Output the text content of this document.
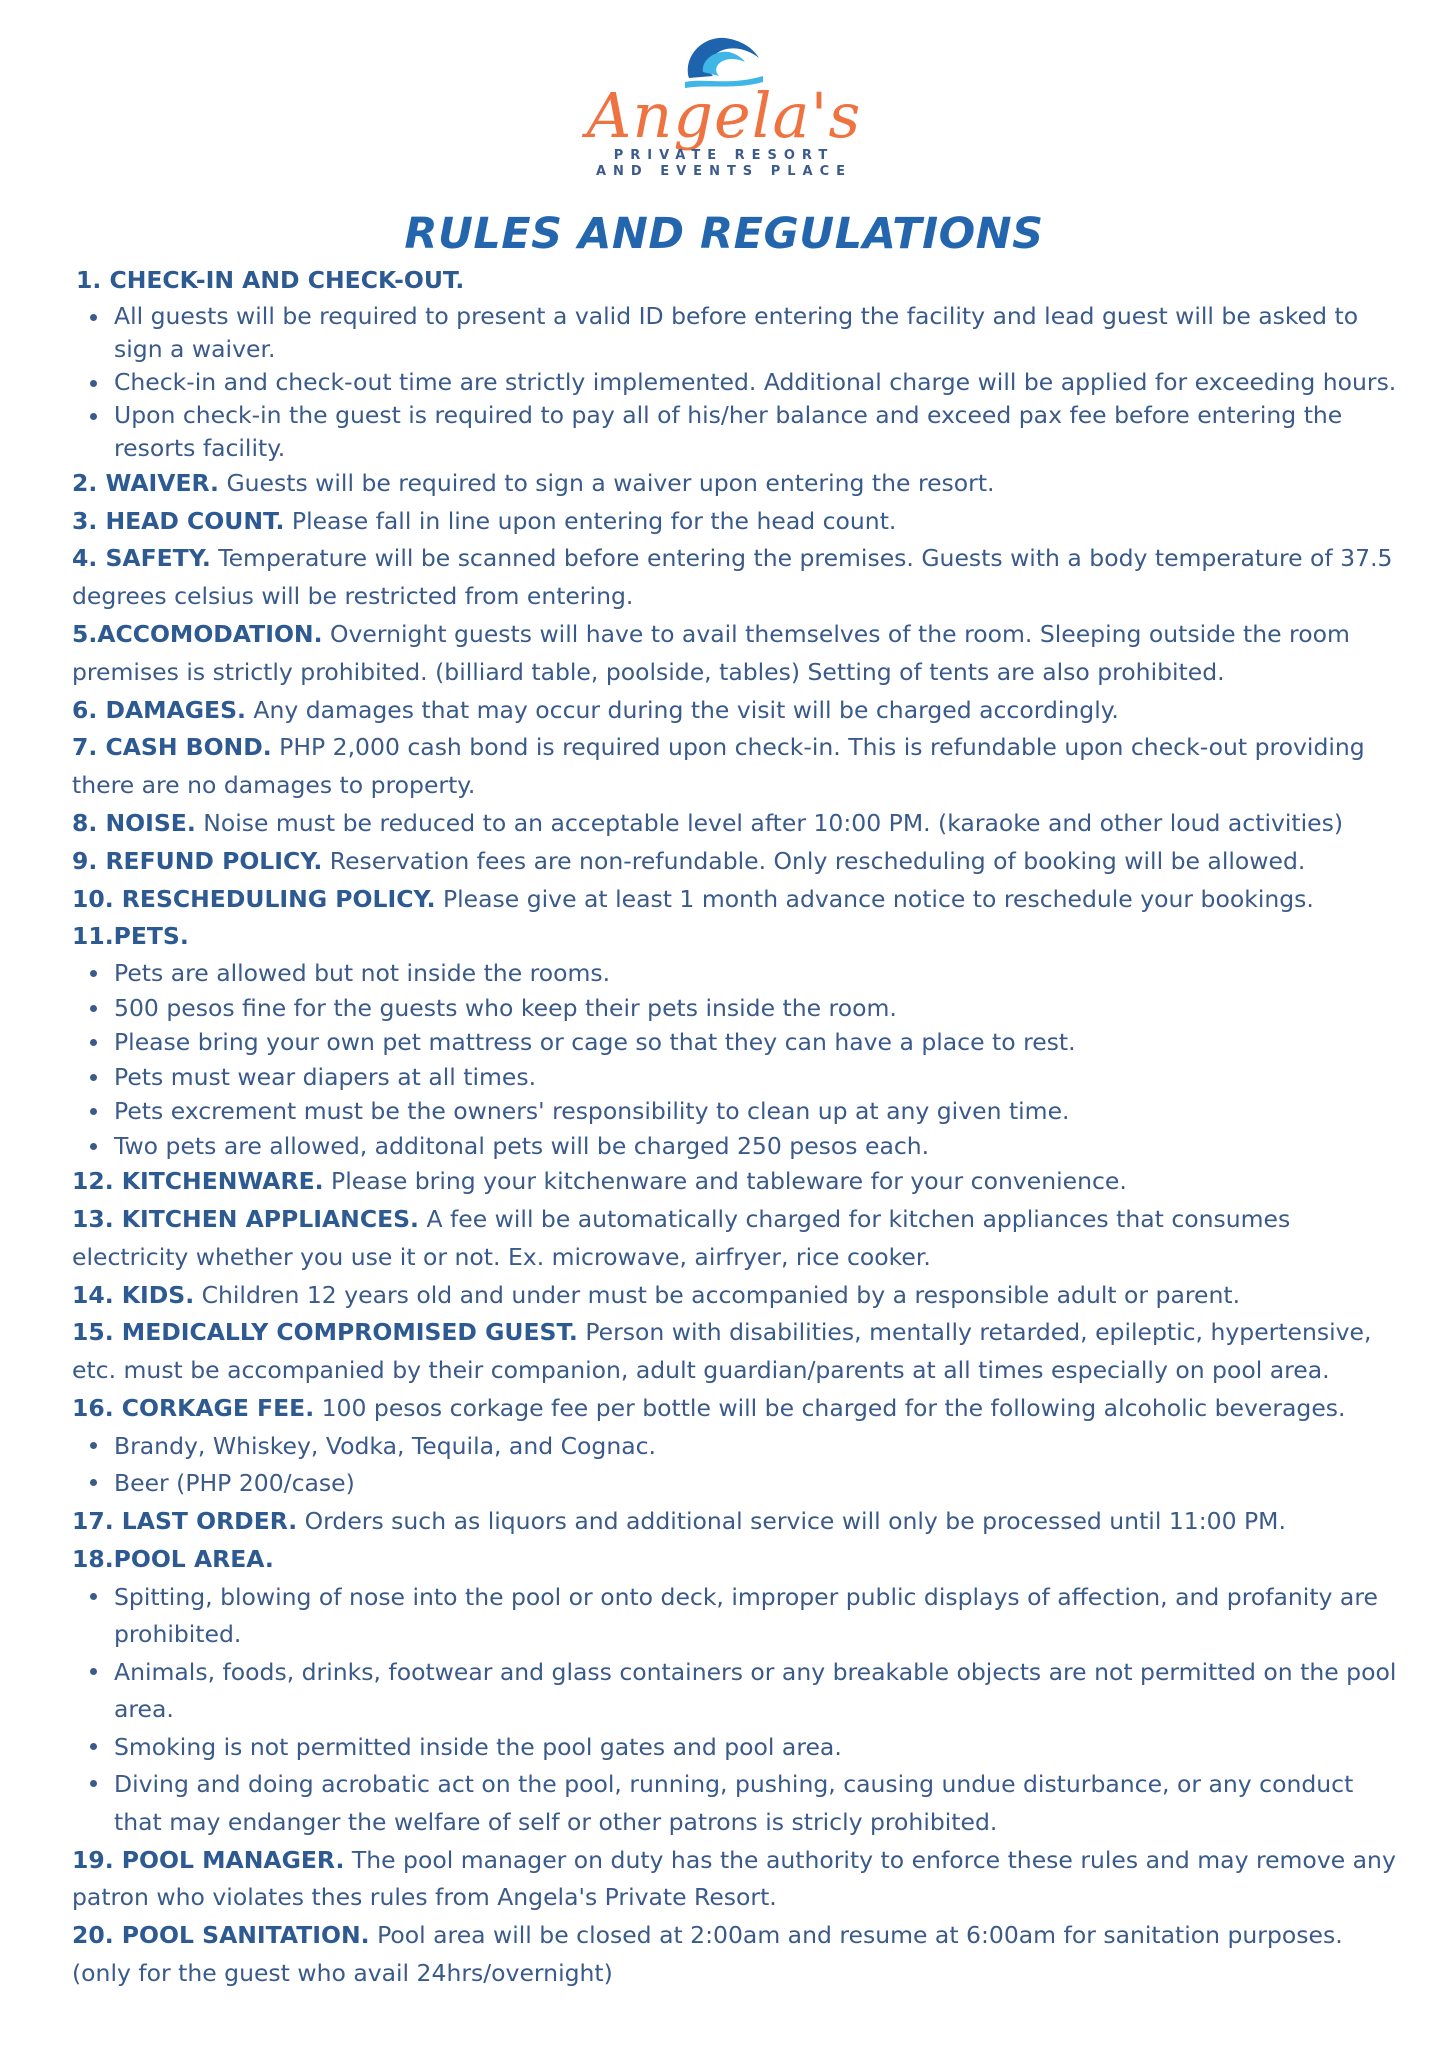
Angela's
PRIVATE RESORT
AND EVENTS PLACE
RULES AND REGULATIONS

1. CHECK-IN AND CHECK-OUT.

All guests will be required to present a valid ID before entering the facility and lead guest will be asked to sign a waiver.
Check-in and check-out time are strictly implemented. Additional charge will be applied for exceeding hours.
Upon check-in the guest is required to pay all of his/her balance and exceed pax fee before entering the resorts facility.

2. WAIVER. Guests will be required to sign a waiver upon entering the resort.

3. HEAD COUNT. Please fall in line upon entering for the head count.

4. SAFETY. Temperature will be scanned before entering the premises. Guests with a body temperature of 37.5 degrees celsius will be restricted from entering.

5.ACCOMODATION. Overnight guests will have to avail themselves of the room. Sleeping outside the room premises is strictly prohibited. (billiard table, poolside, tables) Setting of tents are also prohibited.

6. DAMAGES. Any damages that may occur during the visit will be charged accordingly.

7. CASH BOND. PHP 2,000 cash bond is required upon check-in. This is refundable upon check-out providing there are no damages to property.

8. NOISE. Noise must be reduced to an acceptable level after 10:00 PM. (karaoke and other loud activities)

9. REFUND POLICY. Reservation fees are non-refundable. Only rescheduling of booking will be allowed.

10. RESCHEDULING POLICY. Please give at least 1 month advance notice to reschedule your bookings.

11.PETS.

Pets are allowed but not inside the rooms.
500 pesos fine for the guests who keep their pets inside the room.
Please bring your own pet mattress or cage so that they can have a place to rest.
Pets must wear diapers at all times.
Pets excrement must be the owners' responsibility to clean up at any given time.
Two pets are allowed, additonal pets will be charged 250 pesos each.

12. KITCHENWARE. Please bring your kitchenware and tableware for your convenience.

13. KITCHEN APPLIANCES. A fee will be automatically charged for kitchen appliances that consumes electricity whether you use it or not. Ex. microwave, airfryer, rice cooker.

14. KIDS. Children 12 years old and under must be accompanied by a responsible adult or parent.

15. MEDICALLY COMPROMISED GUEST. Person with disabilities, mentally retarded, epileptic, hypertensive, etc. must be accompanied by their companion, adult guardian/parents at all times especially on pool area.

16. CORKAGE FEE. 100 pesos corkage fee per bottle will be charged for the following alcoholic beverages.

Brandy, Whiskey, Vodka, Tequila, and Cognac.
Beer (PHP 200/case)

17. LAST ORDER. Orders such as liquors and additional service will only be processed until 11:00 PM.

18.POOL AREA.

Spitting, blowing of nose into the pool or onto deck, improper public displays of affection, and profanity are prohibited.
Animals, foods, drinks, footwear and glass containers or any breakable objects are not permitted on the pool area.
Smoking is not permitted inside the pool gates and pool area.
Diving and doing acrobatic act on the pool, running, pushing, causing undue disturbance, or any conduct that may endanger the welfare of self or other patrons is stricly prohibited.

19. POOL MANAGER. The pool manager on duty has the authority to enforce these rules and may remove any patron who violates thes rules from Angela's Private Resort.

20. POOL SANITATION. Pool area will be closed at 2:00am and resume at 6:00am for sanitation purposes. (only for the guest who avail 24hrs/overnight)
